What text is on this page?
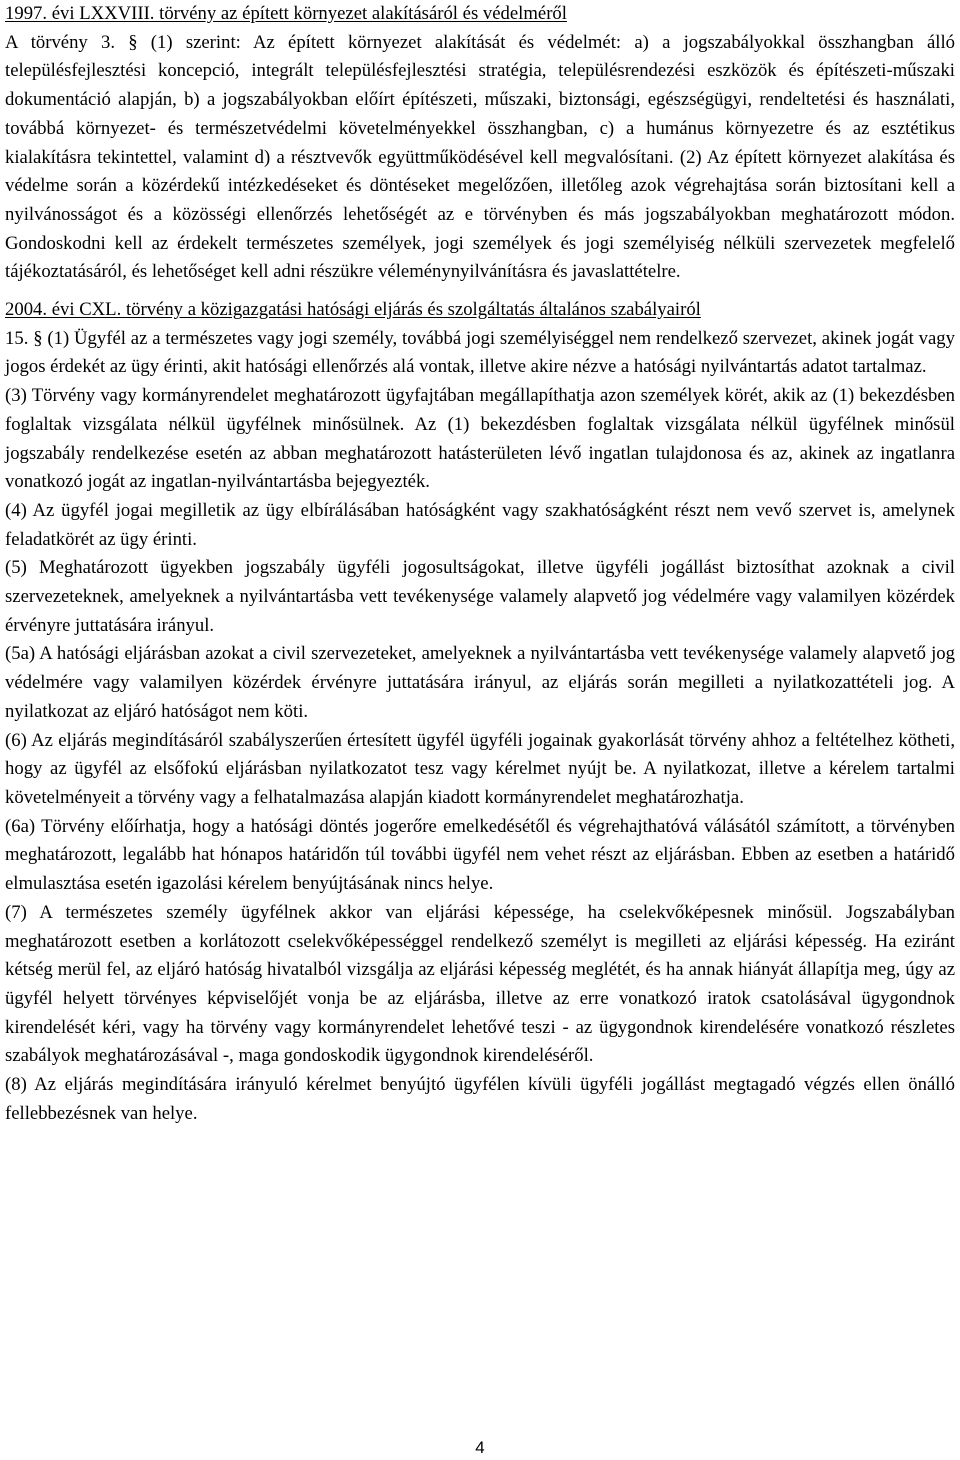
1997. évi LXXVIII. törvény az épített környezet alakításáról és védelméről

A törvény 3. § (1) szerint: Az épített környezet alakítását és védelmét: a) a jogszabályokkal összhangban álló településfejlesztési koncepció, integrált településfejlesztési stratégia, településrendezési eszközök és építészeti-műszaki dokumentáció alapján, b) a jogszabályokban előírt építészeti, műszaki, biztonsági, egészségügyi, rendeltetési és használati, továbbá környezet- és természetvédelmi követelményekkel összhangban, c) a humánus környezetre és az esztétikus kialakításra tekintettel, valamint d) a résztvevők együttműködésével kell megvalósítani. (2) Az épített környezet alakítása és védelme során a közérdekű intézkedéseket és döntéseket megelőzően, illetőleg azok végrehajtása során biztosítani kell a nyilvánosságot és a közösségi ellenőrzés lehetőségét az e törvényben és más jogszabályokban meghatározott módon. Gondoskodni kell az érdekelt természetes személyek, jogi személyek és jogi személyiség nélküli szervezetek megfelelő tájékoztatásáról, és lehetőséget kell adni részükre véleménynyilvánításra és javaslattételre.

2004. évi CXL. törvény a közigazgatási hatósági eljárás és szolgáltatás általános szabályairól

15. § (1) Ügyfél az a természetes vagy jogi személy, továbbá jogi személyiséggel nem rendelkező szervezet, akinek jogát vagy jogos érdekét az ügy érinti, akit hatósági ellenőrzés alá vontak, illetve akire nézve a hatósági nyilvántartás adatot tartalmaz.

(3) Törvény vagy kormányrendelet meghatározott ügyfajtában megállapíthatja azon személyek körét, akik az (1) bekezdésben foglaltak vizsgálata nélkül ügyfélnek minősülnek. Az (1) bekezdésben foglaltak vizsgálata nélkül ügyfélnek minősül jogszabály rendelkezése esetén az abban meghatározott hatásterületen lévő ingatlan tulajdonosa és az, akinek az ingatlanra vonatkozó jogát az ingatlan-nyilvántartásba bejegyezték.

(4) Az ügyfél jogai megilletik az ügy elbírálásában hatóságként vagy szakhatóságként részt nem vevő szervet is, amelynek feladatkörét az ügy érinti.

(5) Meghatározott ügyekben jogszabály ügyféli jogosultságokat, illetve ügyféli jogállást biztosíthat azoknak a civil szervezeteknek, amelyeknek a nyilvántartásba vett tevékenysége valamely alapvető jog védelmére vagy valamilyen közérdek érvényre juttatására irányul.

(5a) A hatósági eljárásban azokat a civil szervezeteket, amelyeknek a nyilvántartásba vett tevékenysége valamely alapvető jog védelmére vagy valamilyen közérdek érvényre juttatására irányul, az eljárás során megilleti a nyilatkozattételi jog. A nyilatkozat az eljáró hatóságot nem köti.

(6) Az eljárás megindításáról szabályszerűen értesített ügyfél ügyféli jogainak gyakorlását törvény ahhoz a feltételhez kötheti, hogy az ügyfél az elsőfokú eljárásban nyilatkozatot tesz vagy kérelmet nyújt be. A nyilatkozat, illetve a kérelem tartalmi követelményeit a törvény vagy a felhatalmazása alapján kiadott kormányrendelet meghatározhatja.

(6a) Törvény előírhatja, hogy a hatósági döntés jogerőre emelkedésétől és végrehajthatóvá válásától számított, a törvényben meghatározott, legalább hat hónapos határidőn túl további ügyfél nem vehet részt az eljárásban. Ebben az esetben a határidő elmulasztása esetén igazolási kérelem benyújtásának nincs helye.

(7) A természetes személy ügyfélnek akkor van eljárási képessége, ha cselekvőképesnek minősül. Jogszabályban meghatározott esetben a korlátozott cselekvőképességgel rendelkező személyt is megilleti az eljárási képesség. Ha eziránt kétség merül fel, az eljáró hatóság hivatalból vizsgálja az eljárási képesség meglétét, és ha annak hiányát állapítja meg, úgy az ügyfél helyett törvényes képviselőjét vonja be az eljárásba, illetve az erre vonatkozó iratok csatolásával ügygondnok kirendelését kéri, vagy ha törvény vagy kormányrendelet lehetővé teszi - az ügygondnok kirendelésére vonatkozó részletes szabályok meghatározásával -, maga gondoskodik ügygondnok kirendeléséről.

(8) Az eljárás megindítására irányuló kérelmet benyújtó ügyfélen kívüli ügyféli jogállást megtagadó végzés ellen önálló fellebbezésnek van helye.

4
